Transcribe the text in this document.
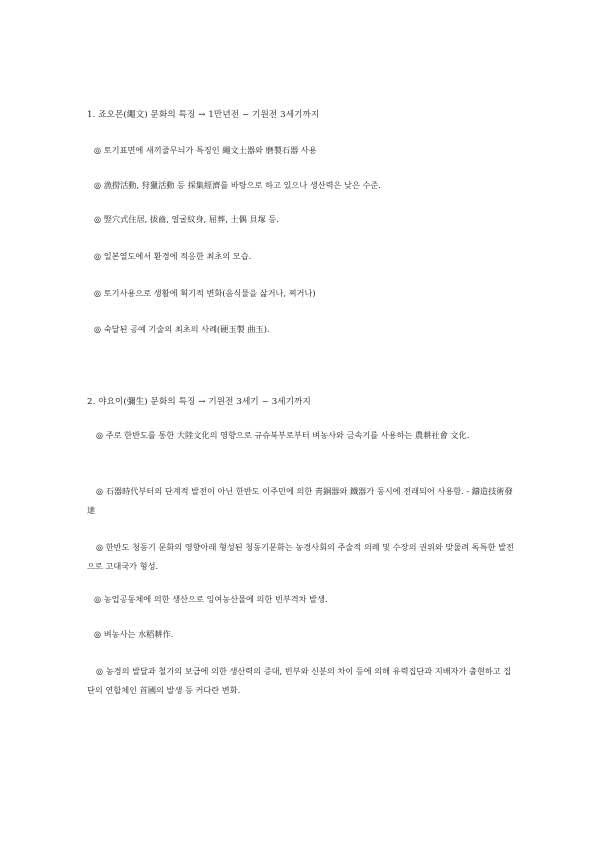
1. 죠오몬(繩文) 문화의 특징 → 1만년전 ~ 기원전 3세기까지
◎ 토기표면에 새끼줄무늬가 특징인 繩文土器와 磨製石器 사용
◎ 漁撈活動, 狩獵活動 등 採集經濟를 바탕으로 하고 있으나 생산력은 낮은 수준.
◎ 竪穴式住居, 拔齒, 얼굴紋身, 屈葬, 土偶 貝塚 등.
◎ 일본열도에서 환경에 적응한 최초의 모습.
◎ 토기사용으로 생활에 획기적 변화(음식물을 삶거나, 찌거나)
◎ 숙달된 공예 기술의 최초의 사례(硬玉製 曲玉).
2. 야요이(彌生) 문화의 특징 → 기원전 3세기 ~ 3세기까지
◎ 주로 한반도를 통한 大陸文化의 영향으로 규슈북부로부터 벼농사와 금속기를 사용하는 農耕社會 文化.
◎ 石器時代부터의 단계적 발전이 아닌 한반도 이주민에 의한 靑銅器와 鐵器가 동시에 전래되어 사용함. - 鑄造技術發達
◎ 한반도 청동기 문화의 영향아래 형성된 청동기문화는 농경사회의 주술적 의례 및 수장의 권위와 맞물려 독특한 발전으로 고대국가 형성.
◎ 농업공동체에 의한 생산으로 잉여농산물에 의한 빈부격차 발생.
◎ 벼농사는 水稻耕作.
◎ 농경의 발달과 철기의 보급에 의한 생산력의 증대, 빈부와 신분의 차이 등에 의해 유력집단과 지배자가 출현하고 집단의 연합체인 首國의 발생 등 커다란 변화.
